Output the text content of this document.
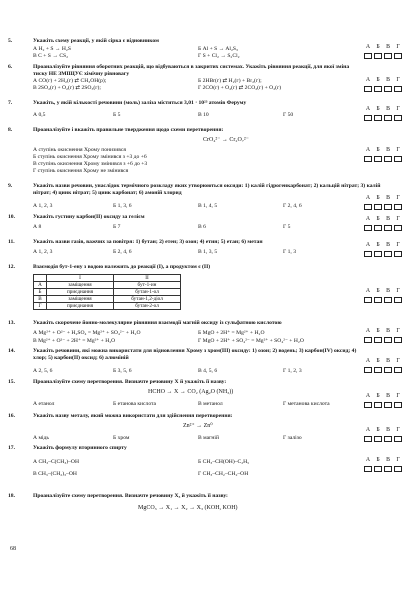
5.	Укажіть схему реакції, у якій сірка є відновником
А H₂ + S → H₂S	Б Al + S → Al₂S₃
В C + S → CS₂	Г S + Cl₂ → S₂Cl₂
А	Б	В	Г
6.	Проаналізуйте рівняння оборотних реакцій, що відбуваються в закритих системах. Укажіть рівняння реакції, для якої зміна тиску НЕ ЗМІЩУЄ хімічну рівновагу
А CO(г) + 2H₂(г) ⇄ CH₃OH(р);	Б 2HBr(г) ⇄ H₂(г) + Br₂(г);
В 2SO₂(г) + O₂(г) ⇄ 2SO₃(г);	Г 2CO(г) + O₂(г) ⇄ 2CO₂(г) + O₂(г)
А	Б	В	Г
7.	Укажіть, у якій кількості речовини (моль) заліза міститься 3,01 · 10²³ атомів Феруму
А 0,5	Б 5	В 10	Г 50
А	Б	В	Г
8.	Проаналізуйте і вкажіть правильне твердження щодо схеми перетворення:
CrO₄²⁻ → Cr₂O₇²⁻
А ступінь окиснення Хрому понизився
Б ступінь окиснення Хрому змінився з +3 до +6
В ступінь окиснення Хрому змінився з +6 до +3
Г ступінь окиснення Хрому не змінився
А	Б	В	Г
9.	Укажіть назви речовин, унаслідок термічного розкладу яких утворюються оксиди: 1) калій гідрогенкарбонат; 2) кальцій нітрат; 3) калій нітрат; 4) цинк нітрат; 5) цинк карбонат; 6) амоній хлорид
А 1, 2, 3	Б 1, 3, 6	В 1, 4, 5	Г 2, 4, 6
А	Б	В	Г
10.	Укажіть густину карбон(II) оксиду за гелієм
А 8	Б 7	В 6	Г 5
А	Б	В	Г
11.	Укажіть назви газів, важчих за повітря: 1) бутан; 2) етен; 3) озон; 4) етин; 5) етан; 6) метан
А 1, 2, 3	Б 2, 4, 6	В 1, 3, 5	Г 1, 3
А	Б	В	Г
12.	Взаємодія бут-1-ену з водою належить до реакції (I), а продуктом є (II)
	I	II
А	заміщення	бут-1-ин
Б	приєднання	бутан-1-ол
В	заміщення	бутан-1,2-діол
Г	приєднання	бутан-2-ол
А	Б	В	Г
13.	Укажіть скорочене йонно-молекулярне рівняння взаємодії магній оксиду із сульфатною кислотою
А Mg²⁺ + O²⁻ + H₂SO₄ = Mg²⁺ + SO₄²⁻ + H₂O	Б MgO + 2H⁺ = Mg²⁺ + H₂O
В Mg²⁺ + O²⁻ + 2H⁺ = Mg²⁺ + H₂O	Г MgO + 2H⁺ + SO₄²⁻ = Mg²⁺ + SO₄²⁻ + H₂O
А	Б	В	Г
14.	Укажіть речовини, які можна використати для відновлення Хрому з хром(III) оксиду: 1) озон; 2) водень; 3) карбон(IV) оксид; 4) хлор; 5) карбон(II) оксид; 6) алюміній
А 2, 5, 6	Б 3, 5, 6	В 4, 5, 6	Г 1, 2, 3
А	Б	В	Г
15.	Проаналізуйте схему перетворення. Визначте речовину X й укажіть її назву:
HCHO → X → CO₂ (Ag₂O (NH₃))
А етанол	Б етанова кислота	В метанол	Г метанова кислота
А	Б	В	Г
16.	Укажіть назву металу, який можна використати для здійснення перетворення:
Zn²⁺ → Zn⁰
А мідь	Б хром	В магній	Г залізо
А	Б	В	Г
17.	Укажіть формулу вторинного спирту
А CH₃–C(CH₃)–OH	Б CH₃–CH(OH)–C₂H₅
В CH₃–(CH₂)₃–OH	Г CH₃–CH₂–CH₂–OH
А	Б	В	Г
18.	Проаналізуйте схему перетворення. Визначте речовину X₃ й укажіть її назву:
MgCO₃ → X₁ → X₂ → X₃ (KOH, KOH)
68
